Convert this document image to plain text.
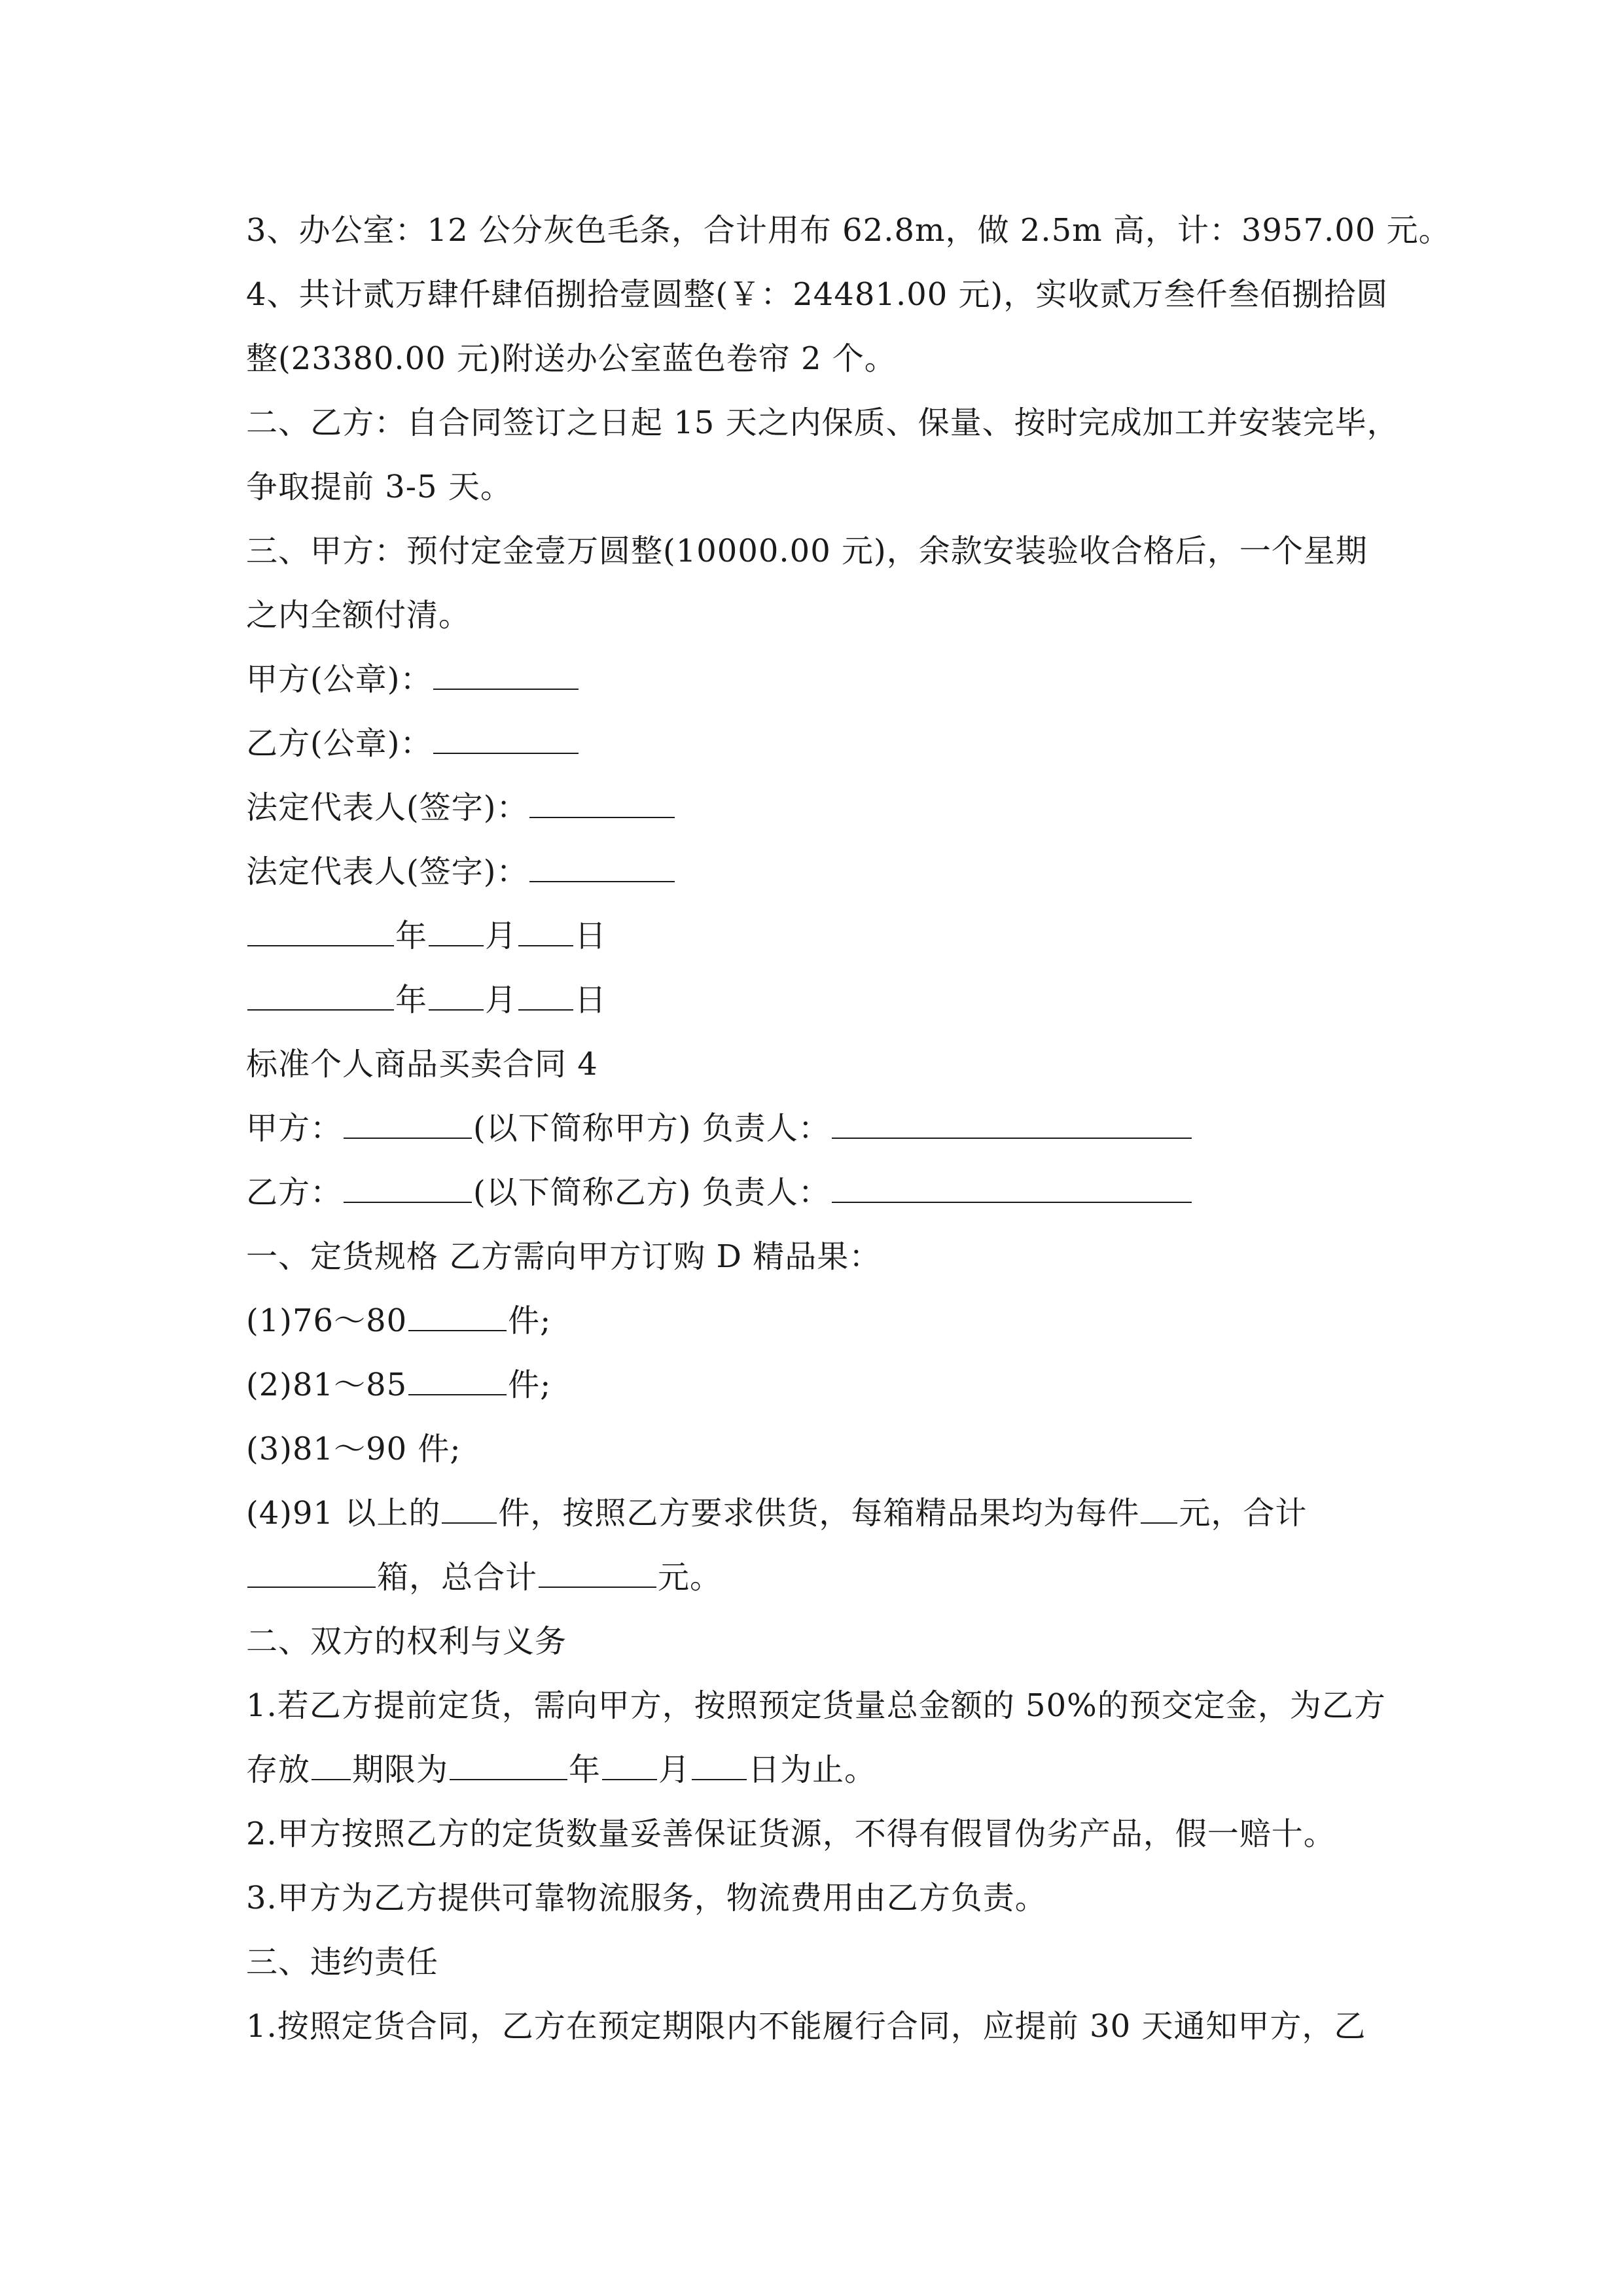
3、办公室：12 公分灰色毛条，合计用布 62.8m，做 2.5m 高，计：3957.00 元。
4、共计贰万肆仟肆佰捌拾壹圆整(￥：24481.00 元)，实收贰万叁仟叁佰捌拾圆
整(23380.00 元)附送办公室蓝色卷帘 2 个。
二、乙方：自合同签订之日起 15 天之内保质、保量、按时完成加工并安装完毕，
争取提前 3-5 天。
三、甲方：预付定金壹万圆整(10000.00 元)，余款安装验收合格后，一个星期
之内全额付清。
甲方(公章)：
乙方(公章)：
法定代表人(签字)：
法定代表人(签字)：
年 月 日
年 月 日
标准个人商品买卖合同 4
甲方：	(以下简称甲方) 负责人：
乙方：	(以下简称乙方) 负责人：
一、定货规格 乙方需向甲方订购 D 精品果：
(1)76～80	件;
(2)81～85	件;
(3)81～90 件;
(4)91 以上的 件，按照乙方要求供货，每箱精品果均为每件 元，合计
箱，总合计	元。
二、双方的权利与义务
1.若乙方提前定货，需向甲方，按照预定货量总金额的 50%的预交定金，为乙方
存放 期限为	年 月 日为止。
2.甲方按照乙方的定货数量妥善保证货源，不得有假冒伪劣产品，假一赔十。
3.甲方为乙方提供可靠物流服务，物流费用由乙方负责。
三、违约责任
1.按照定货合同，乙方在预定期限内不能履行合同，应提前 30 天通知甲方，乙
